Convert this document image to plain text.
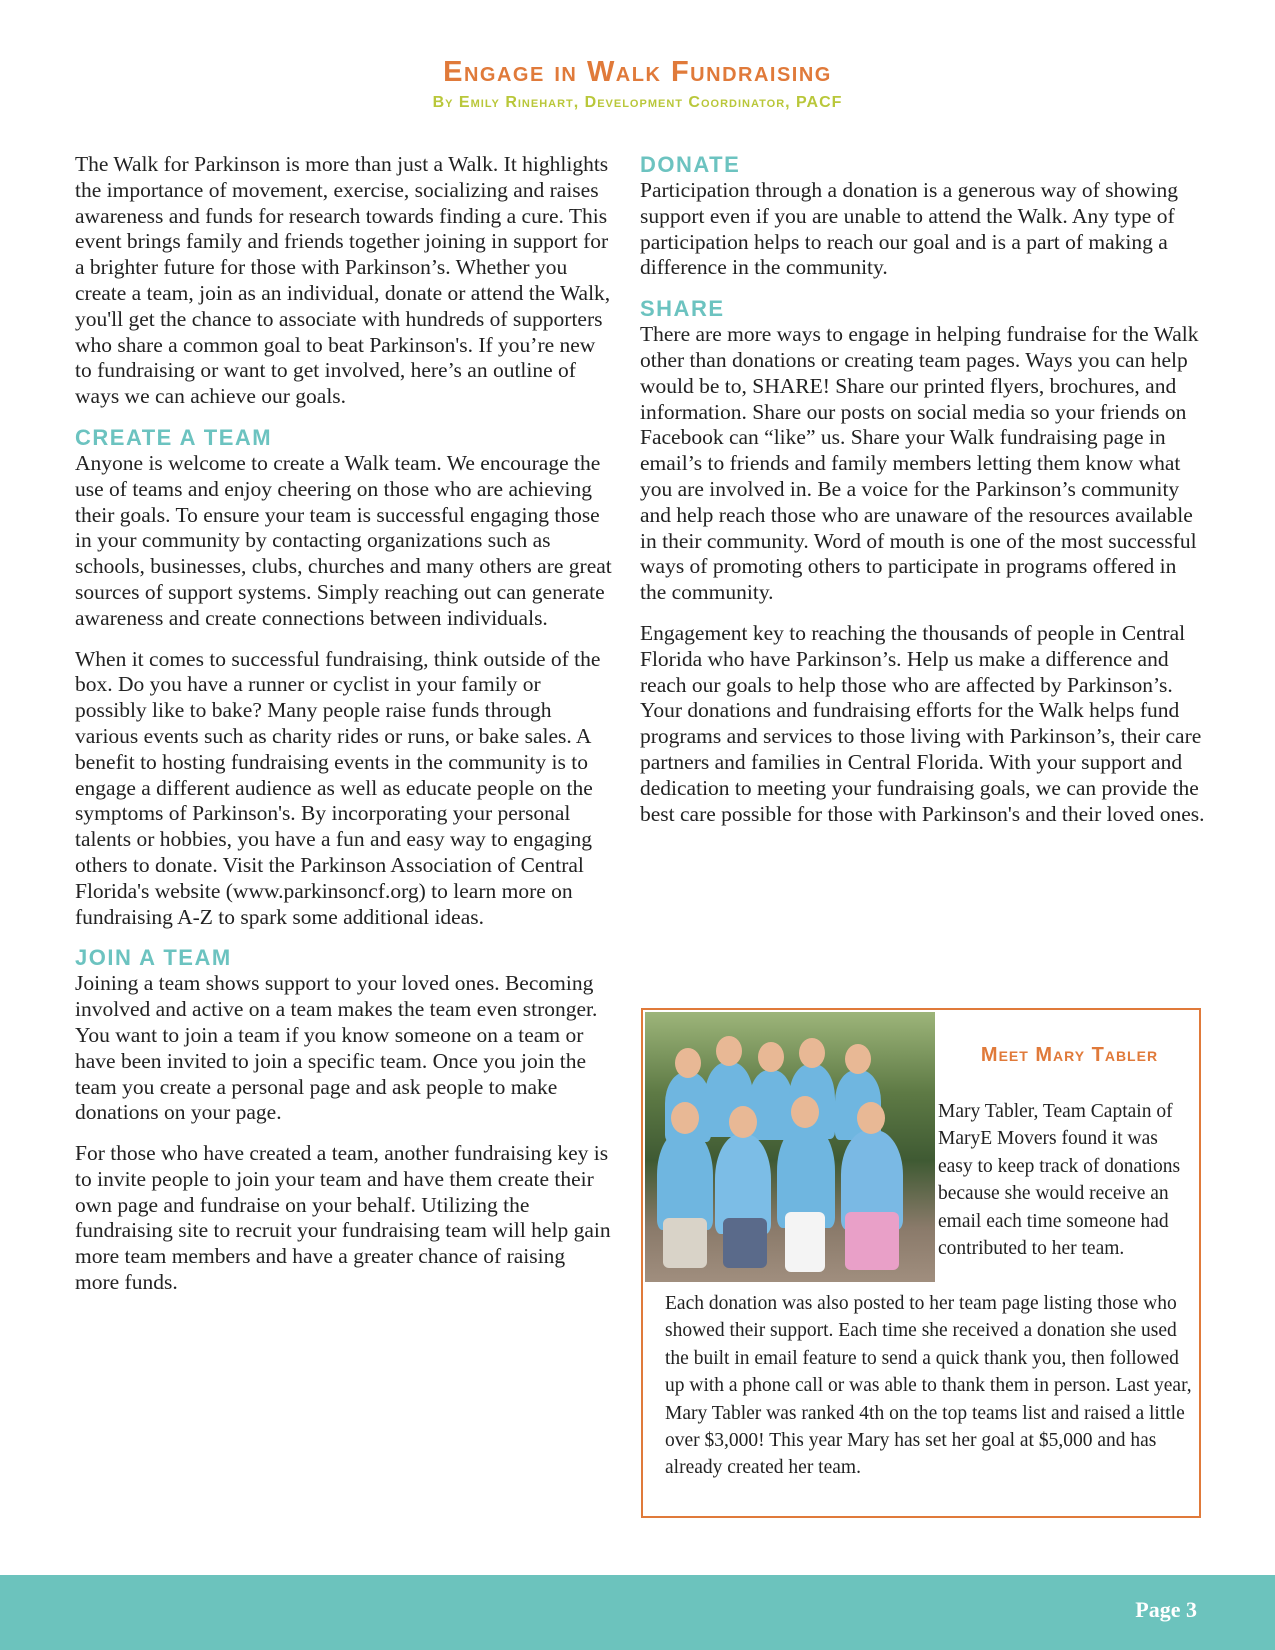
Engage in Walk Fundraising
By Emily Rinehart, Development Coordinator, PACF

The Walk for Parkinson is more than just a Walk. It highlights the importance of movement, exercise, socializing and raises awareness and funds for research towards finding a cure. This event brings family and friends together joining in support for a brighter future for those with Parkinson’s. Whether you create a team, join as an individual, donate or attend the Walk, you'll get the chance to associate with hundreds of supporters who share a common goal to beat Parkinson's. If you’re new to fundraising or want to get involved, here’s an outline of ways we can achieve our goals.

CREATE A TEAM

Anyone is welcome to create a Walk team. We encourage the use of teams and enjoy cheering on those who are achieving their goals. To ensure your team is successful engaging those in your community by contacting organizations such as schools, businesses, clubs, churches and many others are great sources of support systems. Simply reaching out can generate awareness and create connections between individuals.

When it comes to successful fundraising, think outside of the box. Do you have a runner or cyclist in your family or possibly like to bake? Many people raise funds through various events such as charity rides or runs, or bake sales. A benefit to hosting fundraising events in the community is to engage a different audience as well as educate people on the symptoms of Parkinson's. By incorporating your personal talents or hobbies, you have a fun and easy way to engaging others to donate. Visit the Parkinson Association of Central Florida's website (www.parkinsoncf.org) to learn more on fundraising A-Z to spark some additional ideas.

JOIN A TEAM

Joining a team shows support to your loved ones. Becoming involved and active on a team makes the team even stronger. You want to join a team if you know someone on a team or have been invited to join a specific team. Once you join the team you create a personal page and ask people to make donations on your page.

For those who have created a team, another fundraising key is to invite people to join your team and have them create their own page and fundraise on your behalf. Utilizing the fundraising site to recruit your fundraising team will help gain more team members and have a greater chance of raising more funds.

DONATE

Participation through a donation is a generous way of showing support even if you are unable to attend the Walk. Any type of participation helps to reach our goal and is a part of making a difference in the community.

SHARE

There are more ways to engage in helping fundraise for the Walk other than donations or creating team pages. Ways you can help would be to, SHARE! Share our printed flyers, brochures, and information. Share our posts on social media so your friends on Facebook can “like” us. Share your Walk fundraising page in email’s to friends and family members letting them know what you are involved in. Be a voice for the Parkinson’s community and help reach those who are unaware of the resources available in their community. Word of mouth is one of the most successful ways of promoting others to participate in programs offered in the community.

Engagement key to reaching the thousands of people in Central Florida who have Parkinson’s. Help us make a difference and reach our goals to help those who are affected by Parkinson’s. Your donations and fundraising efforts for the Walk helps fund programs and services to those living with Parkinson’s, their care partners and families in Central Florida. With your support and dedication to meeting your fundraising goals, we can provide the best care possible for those with Parkinson's and their loved ones.

Meet Mary Tabler

Mary Tabler, Team Captain of MaryE Movers found it was easy to keep track of donations because she would receive an email each time someone had contributed to her team.

Each donation was also posted to her team page listing those who showed their support. Each time she received a donation she used the built in email feature to send a quick thank you, then followed up with a phone call or was able to thank them in person. Last year, Mary Tabler was ranked 4th on the top teams list and raised a little over $3,000! This year Mary has set her goal at $5,000 and has already created her team.

Page 3
